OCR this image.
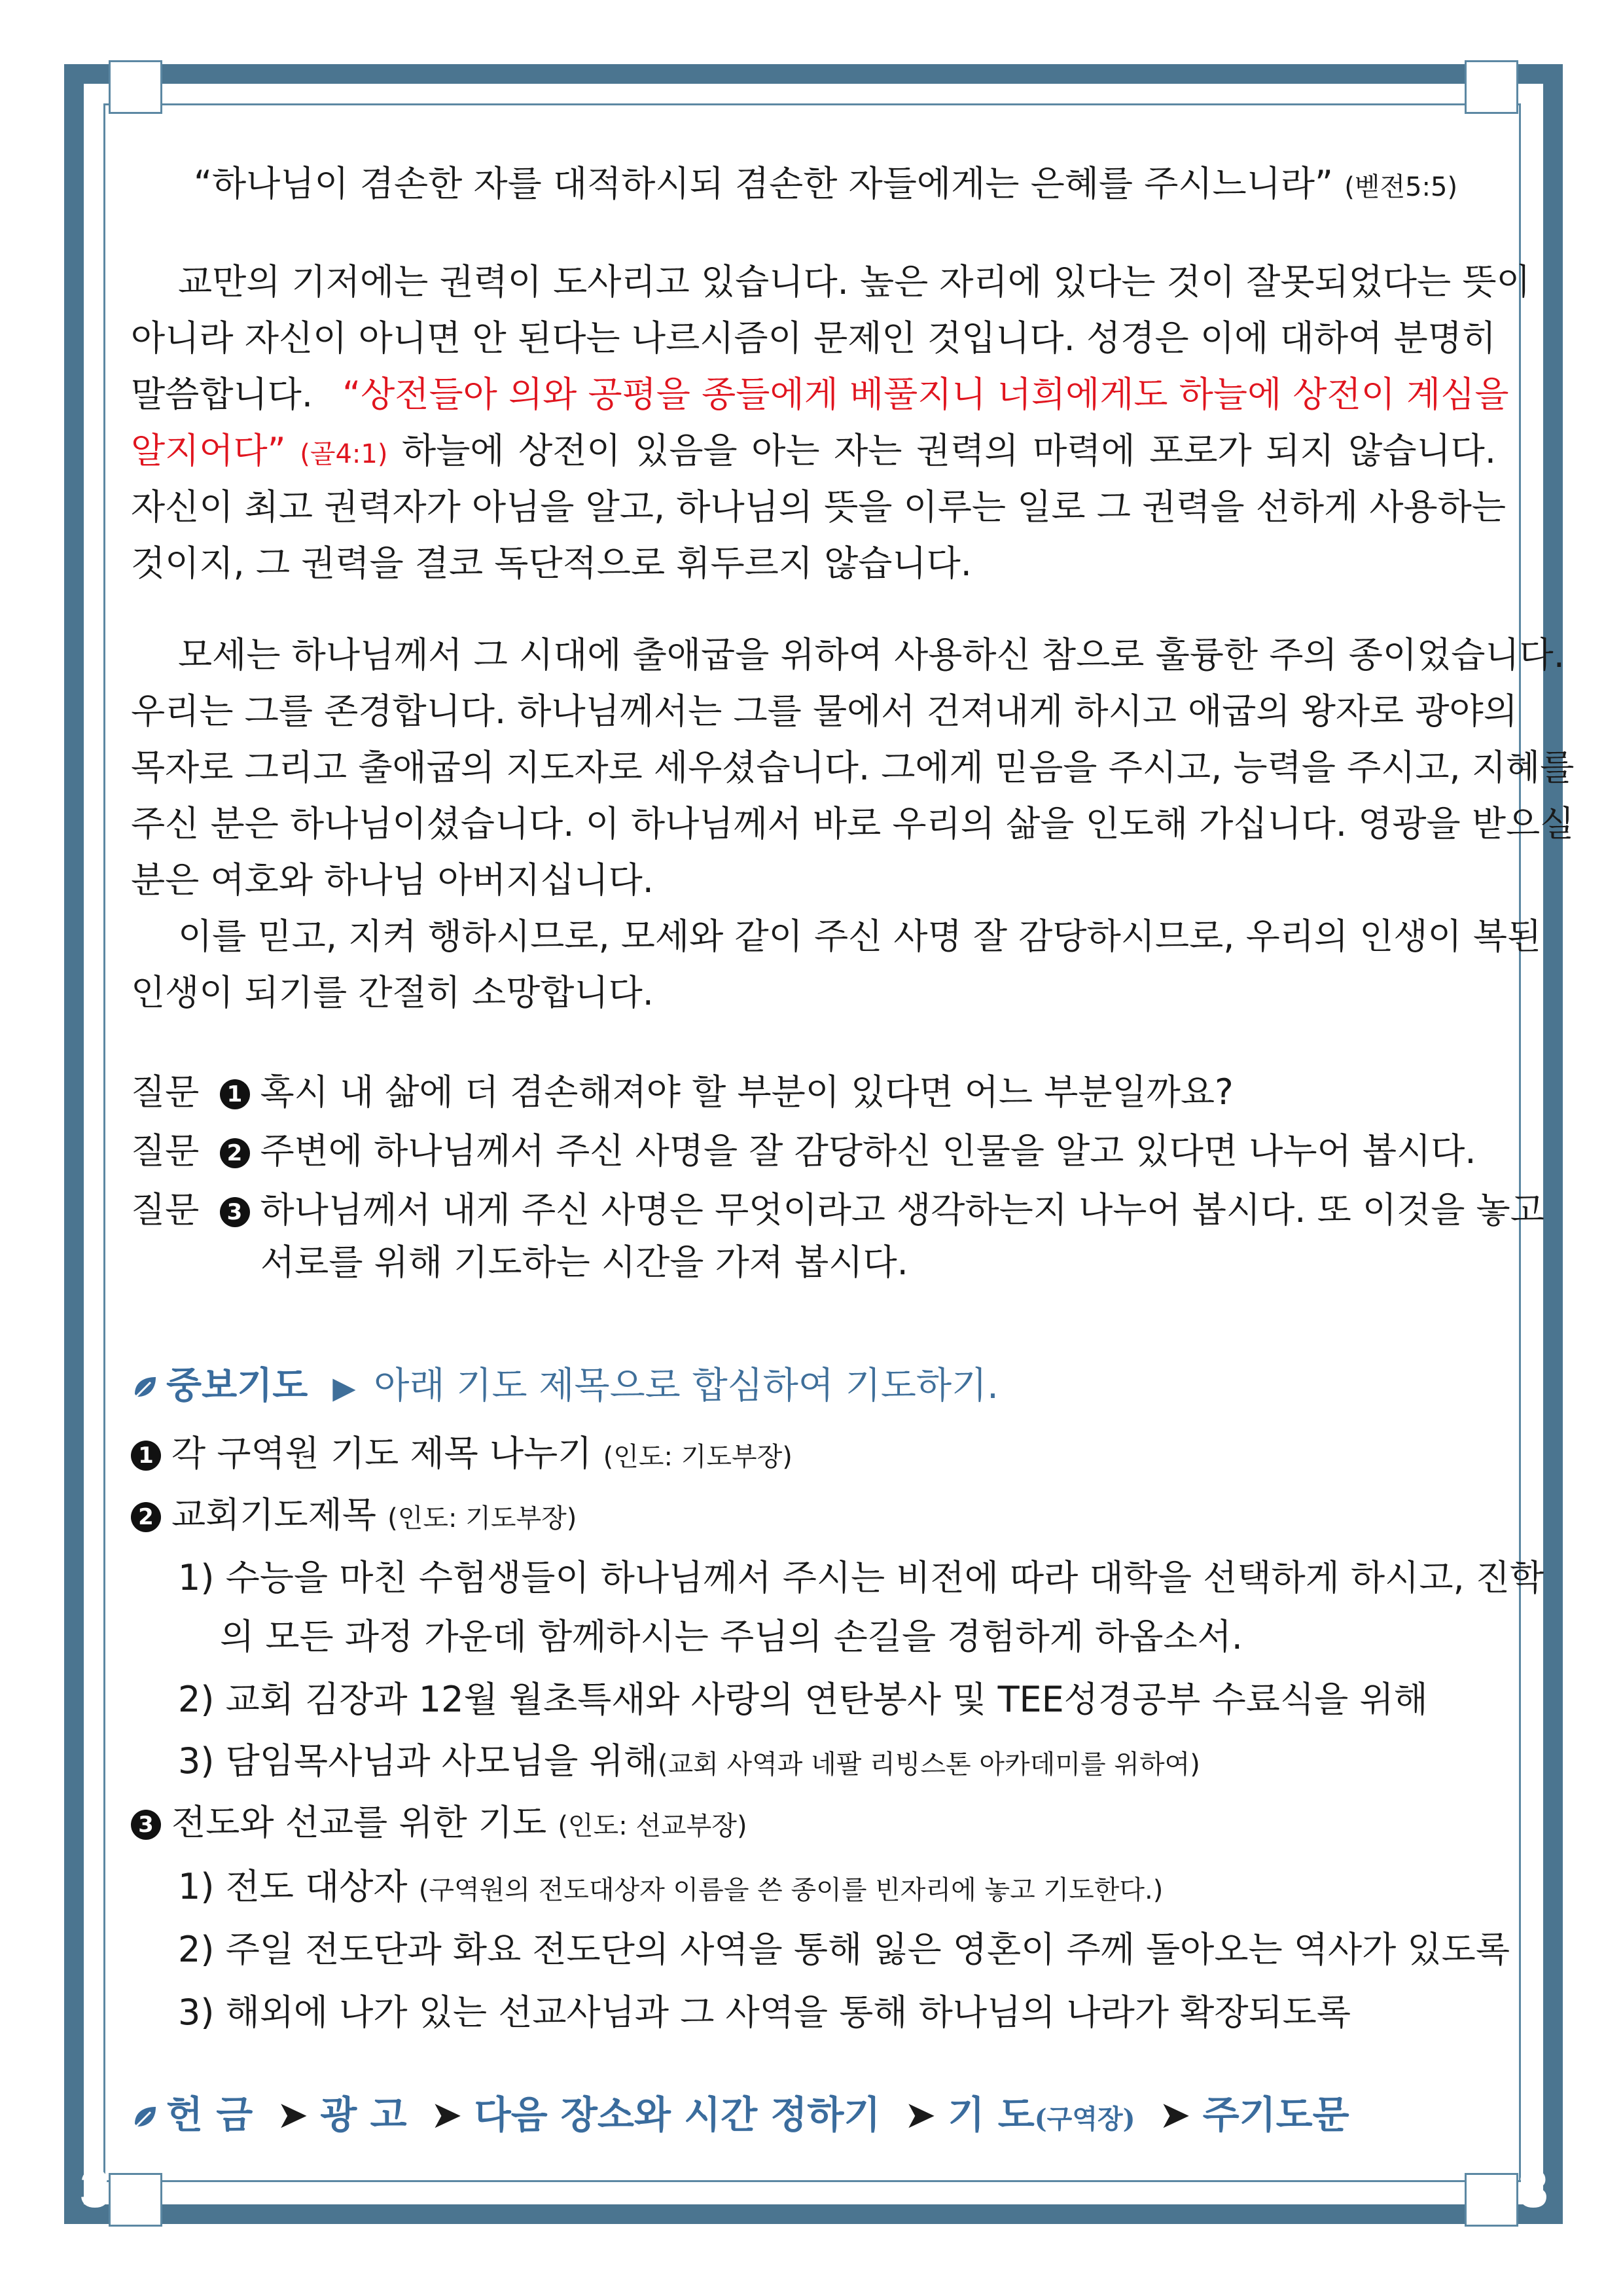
3	3
“하나님이 겸손한 자를 대적하시되 겸손한 자들에게는 은혜를 주시느니라” (벧전5:5)
교만의 기저에는 권력이 도사리고 있습니다. 높은 자리에 있다는 것이 잘못되었다는 뜻이
아니라 자신이 아니면 안 된다는 나르시즘이 문제인 것입니다. 성경은 이에 대하여 분명히
말씀합니다. “상전들아 의와 공평을 종들에게 베풀지니 너희에게도 하늘에 상전이 계심을
알지어다” (골4:1) 하늘에 상전이 있음을 아는 자는 권력의 마력에 포로가 되지 않습니다.
자신이 최고 권력자가 아님을 알고, 하나님의 뜻을 이루는 일로 그 권력을 선하게 사용하는
것이지, 그 권력을 결코 독단적으로 휘두르지 않습니다.
모세는 하나님께서 그 시대에 출애굽을 위하여 사용하신 참으로 훌륭한 주의 종이었습니다.
우리는 그를 존경합니다. 하나님께서는 그를 물에서 건져내게 하시고 애굽의 왕자로 광야의
목자로 그리고 출애굽의 지도자로 세우셨습니다. 그에게 믿음을 주시고, 능력을 주시고, 지혜를
주신 분은 하나님이셨습니다. 이 하나님께서 바로 우리의 삶을 인도해 가십니다. 영광을 받으실
분은 여호와 하나님 아버지십니다.
이를 믿고, 지켜 행하시므로, 모세와 같이 주신 사명 잘 감당하시므로, 우리의 인생이 복된
인생이 되기를 간절히 소망합니다.
질문 1 혹시 내 삶에 더 겸손해져야 할 부분이 있다면 어느 부분일까요?
질문 2 주변에 하나님께서 주신 사명을 잘 감당하신 인물을 알고 있다면 나누어 봅시다.
질문 3 하나님께서 내게 주신 사명은 무엇이라고 생각하는지 나누어 봅시다. 또 이것을 놓고
서로를 위해 기도하는 시간을 가져 봅시다.
중보기도 ▶ 아래 기도 제목으로 합심하여 기도하기.
1 각 구역원 기도 제목 나누기 (인도: 기도부장)
2 교회기도제목 (인도: 기도부장)
1) 수능을 마친 수험생들이 하나님께서 주시는 비전에 따라 대학을 선택하게 하시고, 진학
의 모든 과정 가운데 함께하시는 주님의 손길을 경험하게 하옵소서.
2) 교회 김장과 12월 월초특새와 사랑의 연탄봉사 및 TEE성경공부 수료식을 위해
3) 담임목사님과 사모님을 위해(교회 사역과 네팔 리빙스톤 아카데미를 위하여)
3 전도와 선교를 위한 기도 (인도: 선교부장)
1) 전도 대상자 (구역원의 전도대상자 이름을 쓴 종이를 빈자리에 놓고 기도한다.)
2) 주일 전도단과 화요 전도단의 사역을 통해 잃은 영혼이 주께 돌아오는 역사가 있도록
3) 해외에 나가 있는 선교사님과 그 사역을 통해 하나님의 나라가 확장되도록
헌 금 ➤ 광 고 ➤ 다음 장소와 시간 정하기 ➤ 기 도(구역장) ➤ 주기도문
